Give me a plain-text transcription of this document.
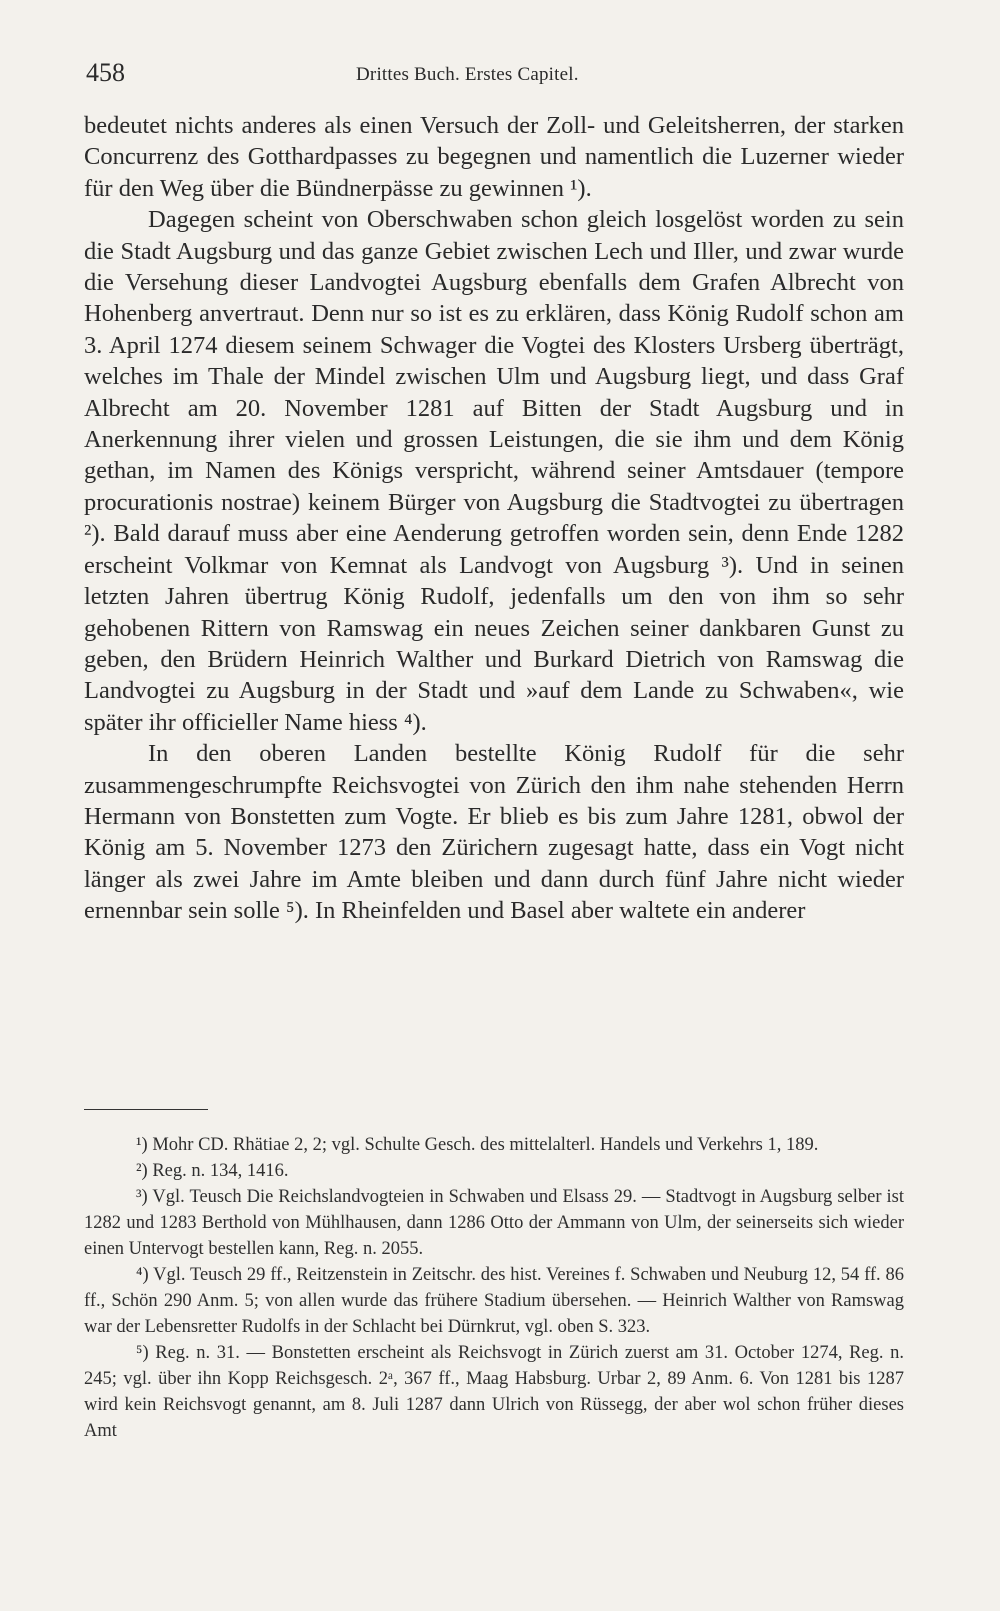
458	Drittes Buch. Erstes Capitel.

bedeutet nichts anderes als einen Versuch der Zoll- und Geleitsherren, der starken Concurrenz des Gotthardpasses zu begegnen und namentlich die Luzerner wieder für den Weg über die Bündnerpässe zu gewinnen ¹).

Dagegen scheint von Oberschwaben schon gleich losgelöst worden zu sein die Stadt Augsburg und das ganze Gebiet zwischen Lech und Iller, und zwar wurde die Versehung dieser Landvogtei Augsburg ebenfalls dem Grafen Albrecht von Hohenberg anvertraut. Denn nur so ist es zu erklären, dass König Rudolf schon am 3. April 1274 diesem seinem Schwager die Vogtei des Klosters Ursberg überträgt, welches im Thale der Mindel zwischen Ulm und Augsburg liegt, und dass Graf Albrecht am 20. November 1281 auf Bitten der Stadt Augsburg und in Anerkennung ihrer vielen und grossen Leistungen, die sie ihm und dem König gethan, im Namen des Königs verspricht, während seiner Amtsdauer (tempore procurationis nostrae) keinem Bürger von Augsburg die Stadtvogtei zu übertragen ²). Bald darauf muss aber eine Aenderung getroffen worden sein, denn Ende 1282 erscheint Volkmar von Kemnat als Landvogt von Augsburg ³). Und in seinen letzten Jahren übertrug König Rudolf, jedenfalls um den von ihm so sehr gehobenen Rittern von Ramswag ein neues Zeichen seiner dankbaren Gunst zu geben, den Brüdern Heinrich Walther und Burkard Dietrich von Ramswag die Landvogtei zu Augsburg in der Stadt und »auf dem Lande zu Schwaben«, wie später ihr officieller Name hiess ⁴).

In den oberen Landen bestellte König Rudolf für die sehr zusammengeschrumpfte Reichsvogtei von Zürich den ihm nahe stehenden Herrn Hermann von Bonstetten zum Vogte. Er blieb es bis zum Jahre 1281, obwol der König am 5. November 1273 den Zürichern zugesagt hatte, dass ein Vogt nicht länger als zwei Jahre im Amte bleiben und dann durch fünf Jahre nicht wieder ernennbar sein solle ⁵). In Rheinfelden und Basel aber waltete ein anderer

¹) Mohr CD. Rhätiae 2, 2; vgl. Schulte Gesch. des mittelalterl. Handels und Verkehrs 1, 189.

²) Reg. n. 134, 1416.

³) Vgl. Teusch Die Reichslandvogteien in Schwaben und Elsass 29. — Stadtvogt in Augsburg selber ist 1282 und 1283 Berthold von Mühlhausen, dann 1286 Otto der Ammann von Ulm, der seinerseits sich wieder einen Untervogt bestellen kann, Reg. n. 2055.

⁴) Vgl. Teusch 29 ff., Reitzenstein in Zeitschr. des hist. Vereines f. Schwaben und Neuburg 12, 54 ff. 86 ff., Schön 290 Anm. 5; von allen wurde das frühere Stadium übersehen. — Heinrich Walther von Ramswag war der Lebensretter Rudolfs in der Schlacht bei Dürnkrut, vgl. oben S. 323.

⁵) Reg. n. 31. — Bonstetten erscheint als Reichsvogt in Zürich zuerst am 31. October 1274, Reg. n. 245; vgl. über ihn Kopp Reichsgesch. 2ᵃ, 367 ff., Maag Habsburg. Urbar 2, 89 Anm. 6. Von 1281 bis 1287 wird kein Reichsvogt genannt, am 8. Juli 1287 dann Ulrich von Rüssegg, der aber wol schon früher dieses Amt
